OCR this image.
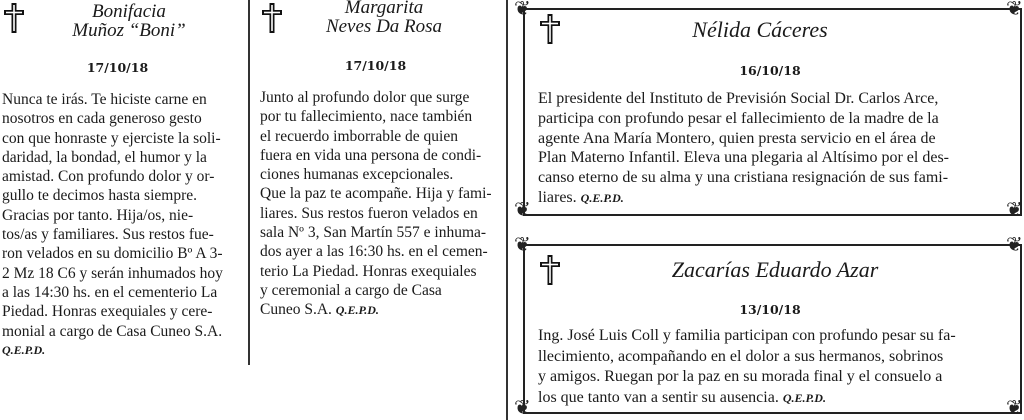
Bonifacia
Muñoz “Boni”
17/10/18
Nunca te irás. Te hiciste carne en
nosotros en cada generoso gesto
con que honraste y ejerciste la soli-
daridad, la bondad, el humor y la
amistad. Con profundo dolor y or-
gullo te decimos hasta siempre.
Gracias por tanto. Hija/os, nie-
tos/as y familiares. Sus restos fue-
ron velados en su domicilio Bº A 3-
2 Mz 18 C6 y serán inhumados hoy
a las 14:30 hs. en el cementerio La
Piedad. Honras exequiales y cere-
monial a cargo de Casa Cuneo S.A.
Q.E.P.D.
Margarita
Neves Da Rosa
17/10/18
Junto al profundo dolor que surge
por tu fallecimiento, nace también
el recuerdo imborrable de quien
fuera en vida una persona de condi-
ciones humanas excepcionales.
Que la paz te acompañe. Hija y fami-
liares. Sus restos fueron velados en
sala Nº 3, San Martín 557 e inhuma-
dos ayer a las 16:30 hs. en el cemen-
terio La Piedad. Honras exequiales
y ceremonial a cargo de Casa
Cuneo S.A. Q.E.P.D.
❦	❦
❦	❦
Nélida Cáceres
16/10/18
El presidente del Instituto de Previsión Social Dr. Carlos Arce,
participa con profundo pesar el fallecimiento de la madre de la
agente Ana María Montero, quien presta servicio en el área de
Plan Materno Infantil. Eleva una plegaria al Altísimo por el des-
canso eterno de su alma y una cristiana resignación de sus fami-
liares. Q.E.P.D.
❦	❦
❦	❦
Zacarías Eduardo Azar
13/10/18
Ing. José Luis Coll y familia participan con profundo pesar su fa-
llecimiento, acompañando en el dolor a sus hermanos, sobrinos
y amigos. Ruegan por la paz en su morada final y el consuelo a
los que tanto van a sentir su ausencia. Q.E.P.D.
